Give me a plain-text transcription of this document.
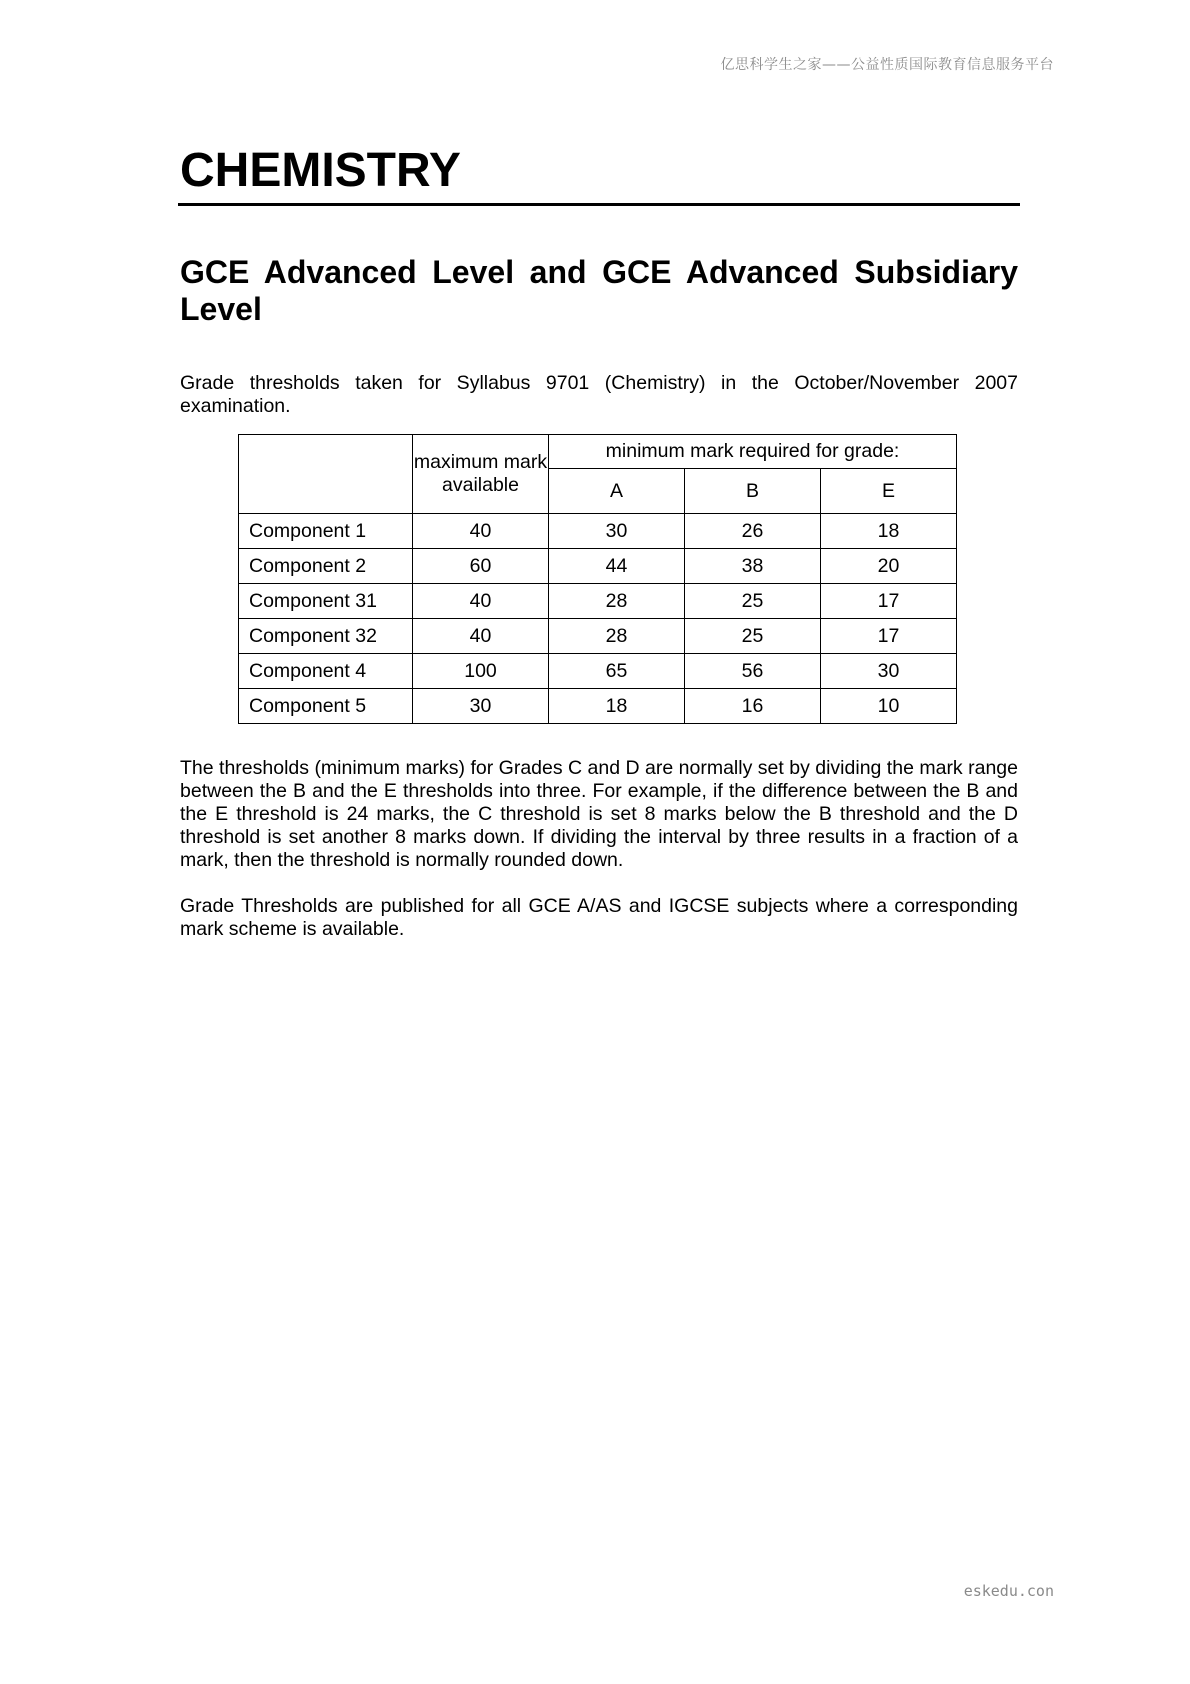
亿思科学生之家——公益性质国际教育信息服务平台
CHEMISTRY
GCE Advanced Level and GCE Advanced Subsidiary
Level

Grade thresholds taken for Syllabus 9701 (Chemistry) in the October/November 2007 examination.

	maximum mark available	minimum mark required for grade:		
		A	B	E
Component 1	40	30	26	18
Component 2	60	44	38	20
Component 31	40	28	25	17
Component 32	40	28	25	17
Component 4	100	65	56	30
Component 5	30	18	16	10

The thresholds (minimum marks) for Grades C and D are normally set by dividing the mark range between the B and the E thresholds into three. For example, if the difference between the B and the E threshold is 24 marks, the C threshold is set 8 marks below the B threshold and the D threshold is set another 8 marks down. If dividing the interval by three results in a fraction of a mark, then the threshold is normally rounded down.

Grade Thresholds are published for all GCE A/AS and IGCSE subjects where a corresponding mark scheme is available.

eskedu.con
